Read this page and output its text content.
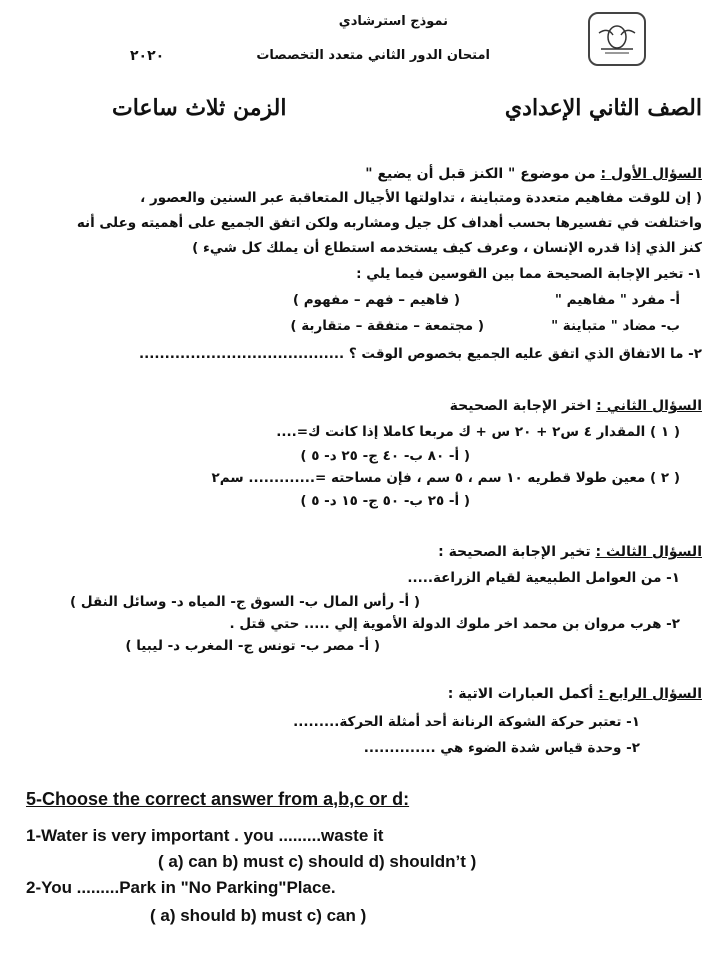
نموذج استرشادي
امتحان الدور الثاني متعدد التخصصات
٢٠٢٠
الصف الثاني الإعدادي
الزمن ثلاث ساعات
السؤال الأول : من موضوع " الكنز قبل أن يضيع "
( إن للوقت مفاهيم متعددة ومتباينة ، تداولتها الأجيال المتعاقبة عبر السنين والعصور ،
واختلفت في تفسيرها بحسب أهداف كل جيل ومشاربه ولكن اتفق الجميع على أهميته وعلى أنه
كنز الذي إذا قدره الإنسان ، وعرف كيف يستخدمه استطاع أن يملك كل شيء )
١- تخير الإجابة الصحيحة مما بين القوسين فيما يلي :
أ- مفرد " مفاهيم "
( فاهيم – فهم – مفهوم )
ب- مضاد " متباينة "
( مجتمعة – متفقة – متقاربة )
٢- ما الاتفاق الذي اتفق عليه الجميع بخصوص الوقت ؟ ........................................
السؤال الثاني : اختر الإجابة الصحيحة
( ١ ) المقدار ٤ س٢ + ٢٠ س + ك مربعا كاملا إذا كانت ك=....
( أ- ٨٠ ب- ٤٠ ج- ٢٥ د- ٥ )
( ٢ ) معين طولا قطريه ١٠ سم ، ٥ سم ، فإن مساحته =............. سم٢
( أ- ٢٥ ب- ٥٠ ج- ١٥ د- ٥ )
السؤال الثالث : تخير الإجابة الصحيحة :
١- من العوامل الطبيعية لقيام الزراعة.....
( أ- رأس المال ب- السوق ج- المياه د- وسائل النقل )
٢- هرب مروان بن محمد اخر ملوك الدولة الأموية إلي ..... حتي قتل .
( أ- مصر ب- تونس ج- المغرب د- ليبيا )
السؤال الرابع : أكمل العبارات الاتية :
١- تعتبر حركة الشوكة الرنانة أحد أمثلة الحركة.........
٢- وحدة قياس شدة الضوء هي ..............
5-Choose the correct answer from a,b,c or d:
1-Water is very important . you .........waste it
( a) can b) must c) should d) shouldn’t )
2-You .........Park in "No Parking"Place.
( a) should b) must c) can )
